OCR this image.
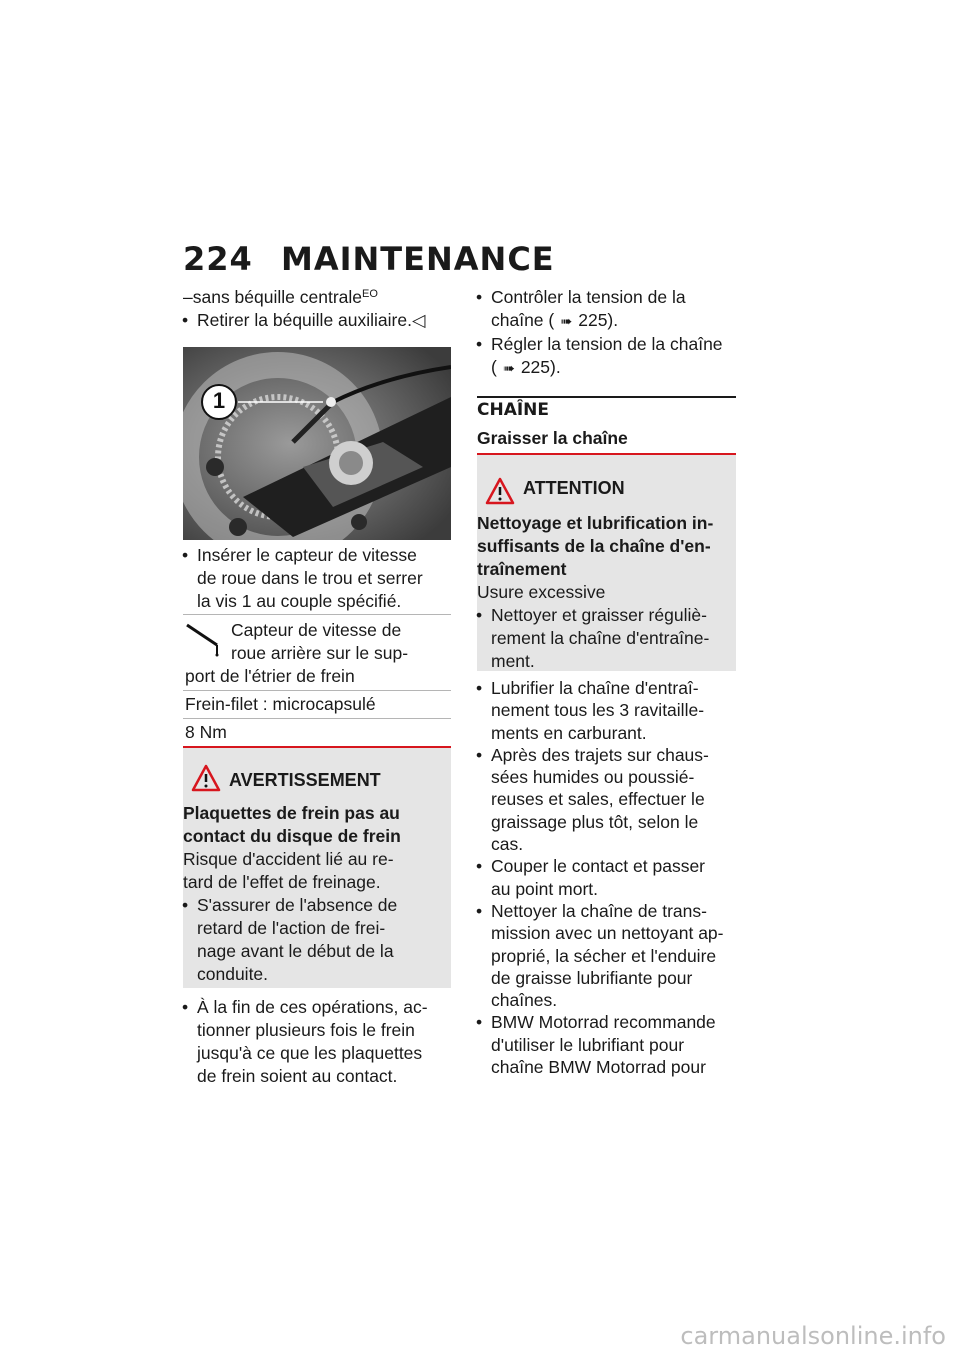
224 MAINTENANCE
–sans béquille centrale$^{EO}$
• Retirer la béquille auxiliaire.◁
1
• Insérer le capteur de vitesse
de roue dans le trou et serrer
la vis 1 au couple spécifié.
Capteur de vitesse de
roue arrière sur le sup-
port de l'étrier de frein
Frein-filet : microcapsulé
8 Nm
AVERTISSEMENT
Plaquettes de frein pas au
contact du disque de frein
Risque d'accident lié au re-
tard de l'effet de freinage.
• S'assurer de l'absence de
retard de l'action de frei-
nage avant le début de la
conduite.
• À la fin de ces opérations, ac-
tionner plusieurs fois le frein
jusqu'à ce que les plaquettes
de frein soient au contact.
• Contrôler la tension de la
chaîne ( ➠ 225).
• Régler la tension de la chaîne
( ➠ 225).
CHAÎNE
Graisser la chaîne
ATTENTION
Nettoyage et lubrification in-
suffisants de la chaîne d'en-
traînement
Usure excessive
• Nettoyer et graisser réguliè-
rement la chaîne d'entraîne-
ment.
• Lubrifier la chaîne d'entraî-
nement tous les 3 ravitaille-
ments en carburant.
• Après des trajets sur chaus-
sées humides ou poussié-
reuses et sales, effectuer le
graissage plus tôt, selon le
cas.
• Couper le contact et passer
au point mort.
• Nettoyer la chaîne de trans-
mission avec un nettoyant ap-
proprié, la sécher et l'enduire
de graisse lubrifiante pour
chaînes.
• BMW Motorrad recommande
d'utiliser le lubrifiant pour
chaîne BMW Motorrad pour
carmanualsonline.info
